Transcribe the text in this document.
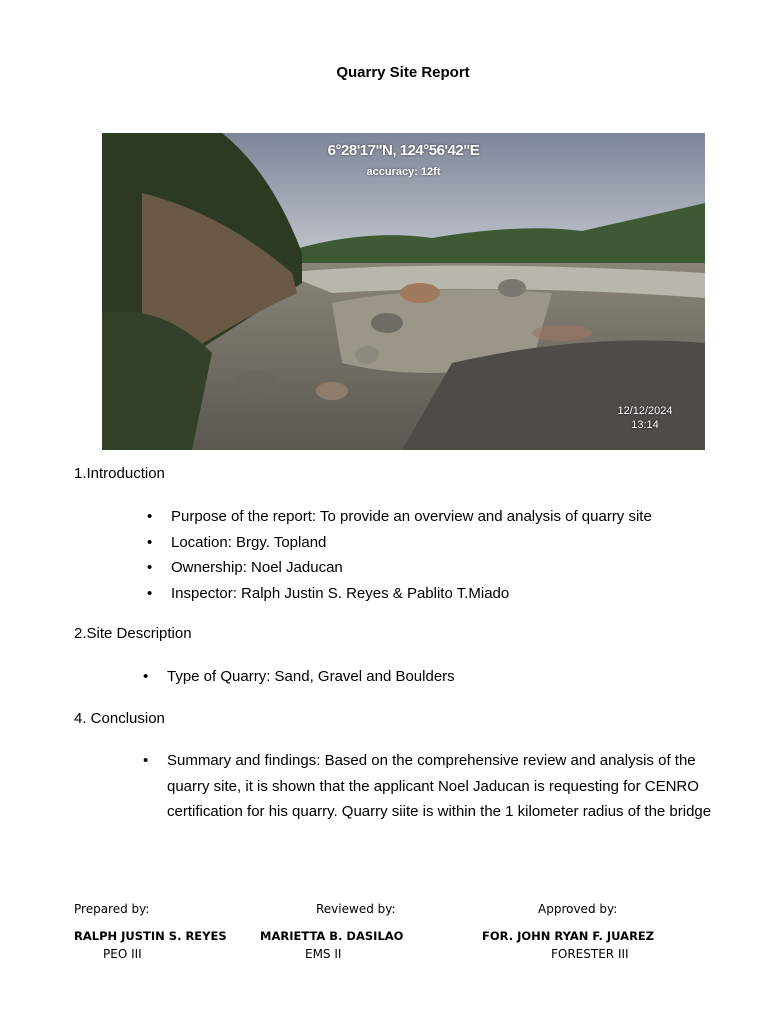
Quarry Site Report
6°28'17"N, 124°56'42"E
accuracy: 12ft
12/12/2024
13:14
1.Introduction
• Purpose of the report: To provide an overview and analysis of quarry site
• Location: Brgy. Topland
• Ownership: Noel Jaducan
• Inspector: Ralph Justin S. Reyes & Pablito T.Miado
2.Site Description
• Type of Quarry: Sand, Gravel and Boulders
4. Conclusion
• Summary and findings: Based on the comprehensive review and analysis of the
quarry site, it is shown that the applicant Noel Jaducan is requesting for CENRO
certification for his quarry. Quarry siite is within the 1 kilometer radius of the bridge
Prepared by:	Reviewed by:	Approved by:
RALPH JUSTIN S. REYES	MARIETTA B. DASILAO	FOR. JOHN RYAN F. JUAREZ
PEO III	EMS II	FORESTER III
